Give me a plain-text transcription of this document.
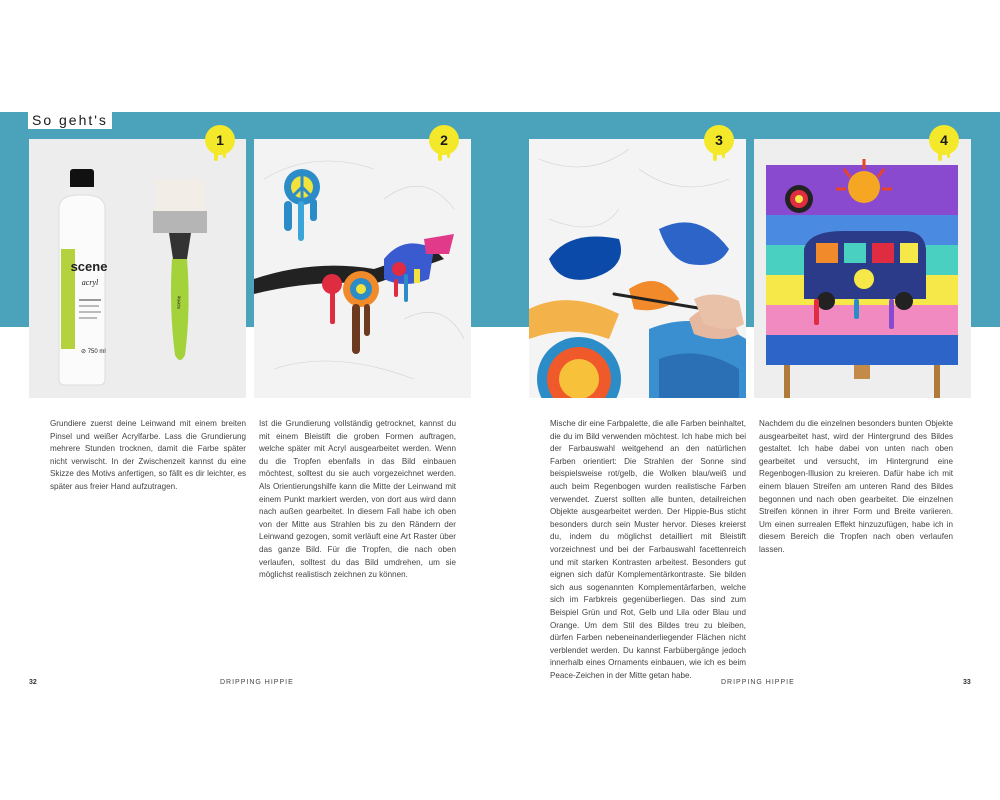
So geht's
scene
acryl
⊘ 750 ml
scene
1	2	3	4
Grundiere zuerst deine Leinwand mit einem breiten Pinsel und weißer Acrylfarbe. Lass die Grundierung mehrere Stunden trocknen, damit die Farbe später nicht verwischt. In der Zwischenzeit kannst du eine Skizze des Motivs anfertigen, so fällt es dir leichter, es später aus freier Hand aufzutragen.
Ist die Grundierung vollständig getrocknet, kannst du mit einem Bleistift die groben Formen auftragen, welche später mit Acryl ausgearbeitet werden. Wenn du die Tropfen ebenfalls in das Bild einbauen möchtest, solltest du sie auch vorgezeichnet werden. Als Orientierungshilfe kann die Mitte der Leinwand mit einem Punkt markiert werden, von dort aus wird dann nach außen gearbeitet. In diesem Fall habe ich oben von der Mitte aus Strahlen bis zu den Rändern der Leinwand gezogen, somit verläuft eine Art Raster über das ganze Bild. Für die Tropfen, die nach oben verlaufen, solltest du das Bild umdrehen, um sie möglichst realistisch zeichnen zu können.
Mische dir eine Farbpalette, die alle Farben beinhaltet, die du im Bild verwenden möchtest. Ich habe mich bei der Farbauswahl weitgehend an den natürlichen Farben orientiert: Die Strahlen der Sonne sind beispielsweise rot/gelb, die Wolken blau/weiß und auch beim Regenbogen wurden realistische Farben verwendet. Zuerst sollten alle bunten, detailreichen Objekte ausgearbeitet werden. Der Hippie-Bus sticht besonders durch sein Muster hervor. Dieses kreierst du, indem du möglichst detailliert mit Bleistift vorzeichnest und bei der Farbauswahl facettenreich und mit starken Kontrasten arbeitest. Besonders gut eignen sich dafür Komplementärkontraste. Sie bilden sich aus sogenannten Komplementärfarben, welche sich im Farbkreis gegenüberliegen. Das sind zum Beispiel Grün und Rot, Gelb und Lila oder Blau und Orange. Um dem Stil des Bildes treu zu bleiben, dürfen Farben nebeneinanderliegender Flächen nicht verblendet werden. Du kannst Farbübergänge jedoch innerhalb eines Ornaments einbauen, wie ich es beim Peace-Zeichen in der Mitte getan habe.
Nachdem du die einzelnen besonders bunten Objekte ausgearbeitet hast, wird der Hintergrund des Bildes gestaltet. Ich habe dabei von unten nach oben gearbeitet und versucht, im Hintergrund eine Regenbogen-Illusion zu kreieren. Dafür habe ich mit einem blauen Streifen am unteren Rand des Bildes begonnen und nach oben gearbeitet. Die einzelnen Streifen können in ihrer Form und Breite variieren. Um einen surrealen Effekt hinzuzufügen, habe ich in diesem Bereich die Tropfen nach oben verlaufen lassen.
32	DRIPPING HIPPIE	DRIPPING HIPPIE	33
